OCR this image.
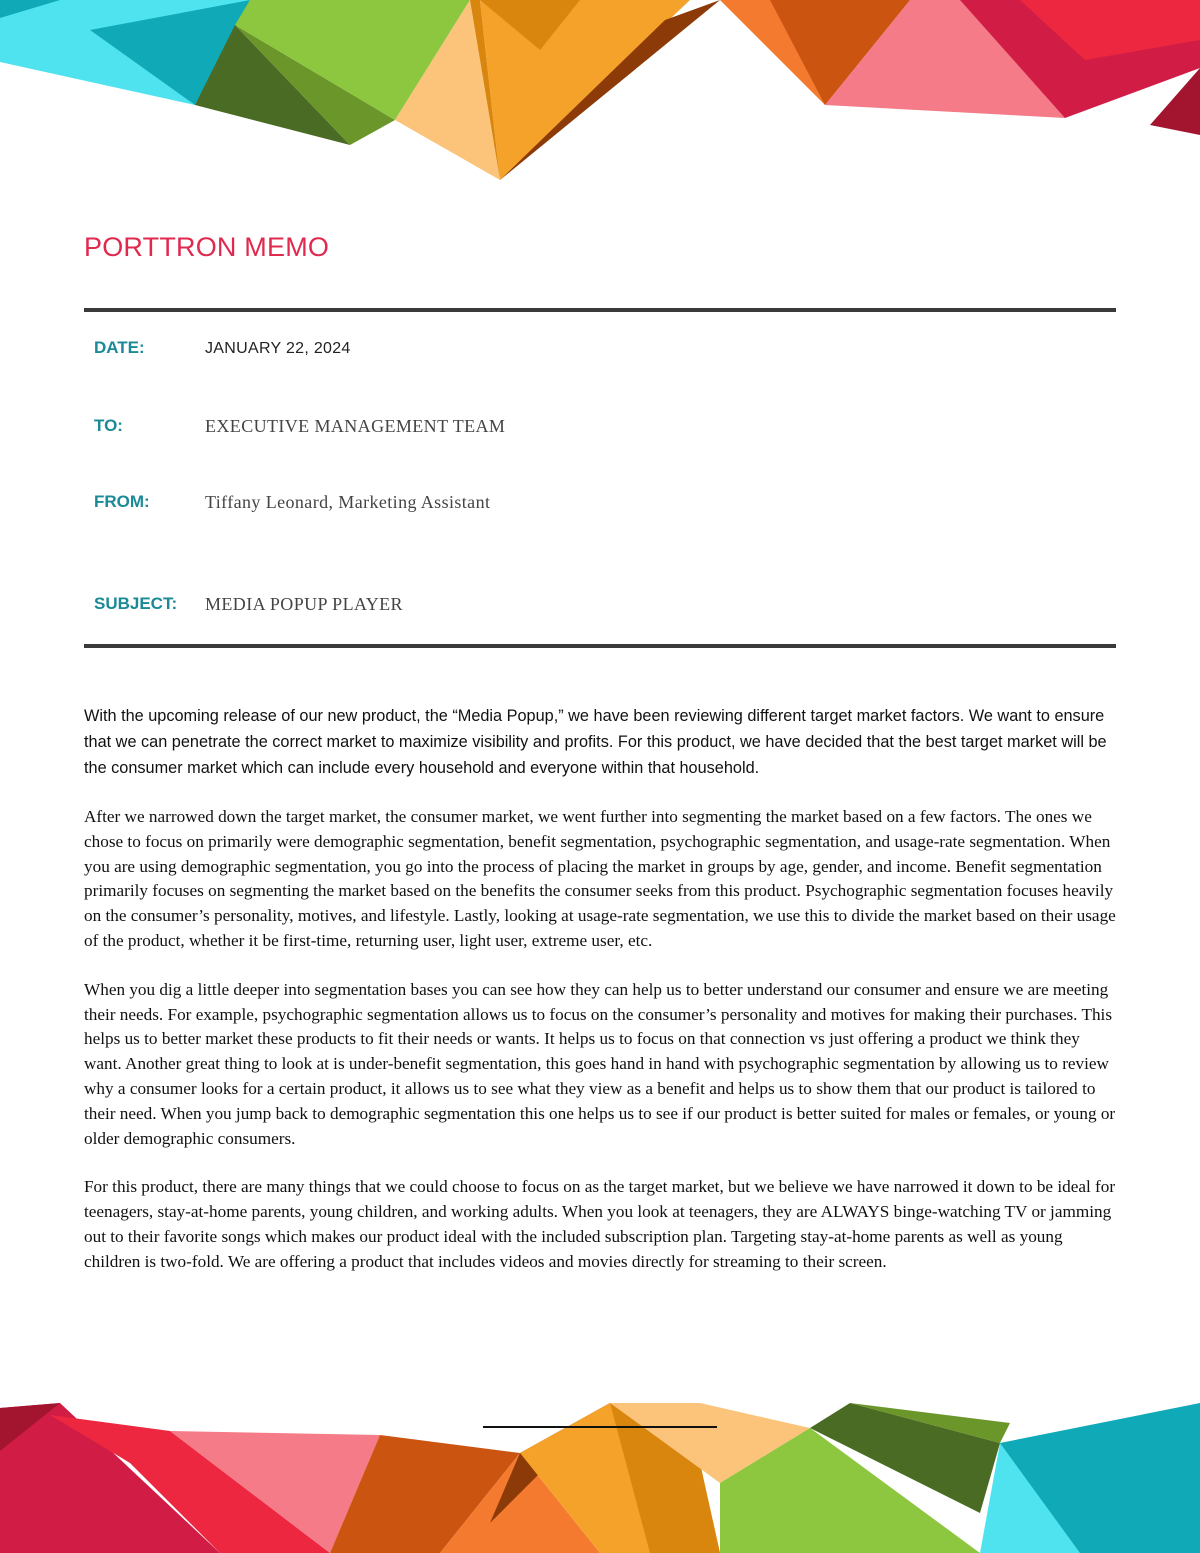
PORTTRON MEMO
DATE:	JANUARY 22, 2024
TO:	EXECUTIVE MANAGEMENT TEAM
FROM:	Tiffany Leonard, Marketing Assistant
SUBJECT: MEDIA POPUP PLAYER

With the upcoming release of our new product, the “Media Popup,” we have been reviewing different target market factors. We want to ensure that we can penetrate the correct market to maximize visibility and profits. For this product, we have decided that the best target market will be the consumer market which can include every household and everyone within that household.

After we narrowed down the target market, the consumer market, we went further into segmenting the market based on a few factors. The ones we chose to focus on primarily were demographic segmentation, benefit segmentation, psychographic segmentation, and usage-rate segmentation. When you are using demographic segmentation, you go into the process of placing the market in groups by age, gender, and income. Benefit segmentation primarily focuses on segmenting the market based on the benefits the consumer seeks from this product. Psychographic segmentation focuses heavily on the consumer’s personality, motives, and lifestyle. Lastly, looking at usage-rate segmentation, we use this to divide the market based on their usage of the product, whether it be first-time, returning user, light user, extreme user, etc.

When you dig a little deeper into segmentation bases you can see how they can help us to better understand our consumer and ensure we are meeting their needs. For example, psychographic segmentation allows us to focus on the consumer’s personality and motives for making their purchases. This helps us to better market these products to fit their needs or wants. It helps us to focus on that connection vs just offering a product we think they want. Another great thing to look at is under-benefit segmentation, this goes hand in hand with psychographic segmentation by allowing us to review why a consumer looks for a certain product, it allows us to see what they view as a benefit and helps us to show them that our product is tailored to their need. When you jump back to demographic segmentation this one helps us to see if our product is better suited for males or females, or young or older demographic consumers.

For this product, there are many things that we could choose to focus on as the target market, but we believe we have narrowed it down to be ideal for teenagers, stay-at-home parents, young children, and working adults. When you look at teenagers, they are ALWAYS binge-watching TV or jamming out to their favorite songs which makes our product ideal with the included subscription plan. Targeting stay-at-home parents as well as young children is two-fold. We are offering a product that includes videos and movies directly for streaming to their screen.
